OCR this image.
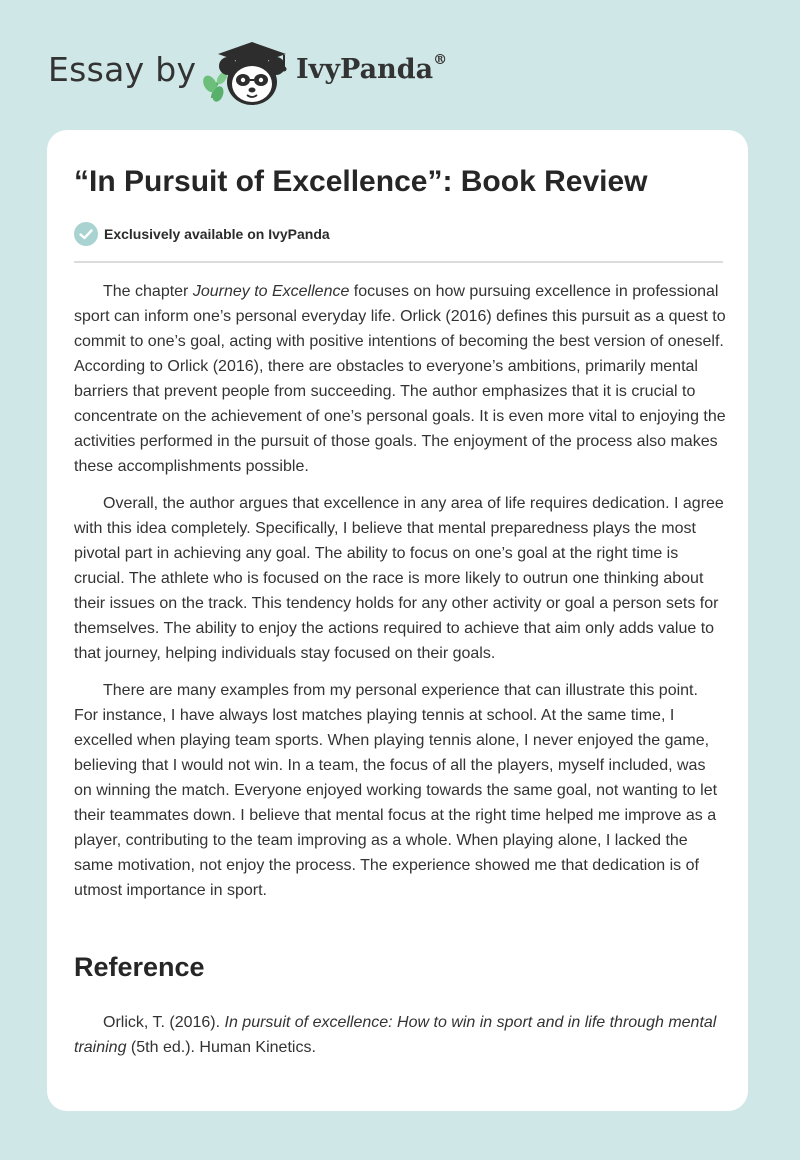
Essay by	IvyPanda®
“In Pursuit of Excellence”: Book Review
Exclusively available on IvyPanda

The chapter Journey to Excellence focuses on how pursuing excellence in professional sport can inform one’s personal everyday life. Orlick (2016) defines this pursuit as a quest to commit to one’s goal, acting with positive intentions of becoming the best version of oneself. According to Orlick (2016), there are obstacles to everyone’s ambitions, primarily mental barriers that prevent people from succeeding. The author emphasizes that it is crucial to concentrate on the achievement of one’s personal goals. It is even more vital to enjoying the activities performed in the pursuit of those goals. The enjoyment of the process also makes these accomplishments possible.

Overall, the author argues that excellence in any area of life requires dedication. I agree with this idea completely. Specifically, I believe that mental preparedness plays the most pivotal part in achieving any goal. The ability to focus on one’s goal at the right time is crucial. The athlete who is focused on the race is more likely to outrun one thinking about their issues on the track. This tendency holds for any other activity or goal a person sets for themselves. The ability to enjoy the actions required to achieve that aim only adds value to that journey, helping individuals stay focused on their goals.

There are many examples from my personal experience that can illustrate this point. For instance, I have always lost matches playing tennis at school. At the same time, I excelled when playing team sports. When playing tennis alone, I never enjoyed the game, believing that I would not win. In a team, the focus of all the players, myself included, was on winning the match. Everyone enjoyed working towards the same goal, not wanting to let their teammates down. I believe that mental focus at the right time helped me improve as a player, contributing to the team improving as a whole. When playing alone, I lacked the same motivation, not enjoy the process. The experience showed me that dedication is of utmost importance in sport.

Reference

Orlick, T. (2016). In pursuit of excellence: How to win in sport and in life through mental training (5th ed.). Human Kinetics.
